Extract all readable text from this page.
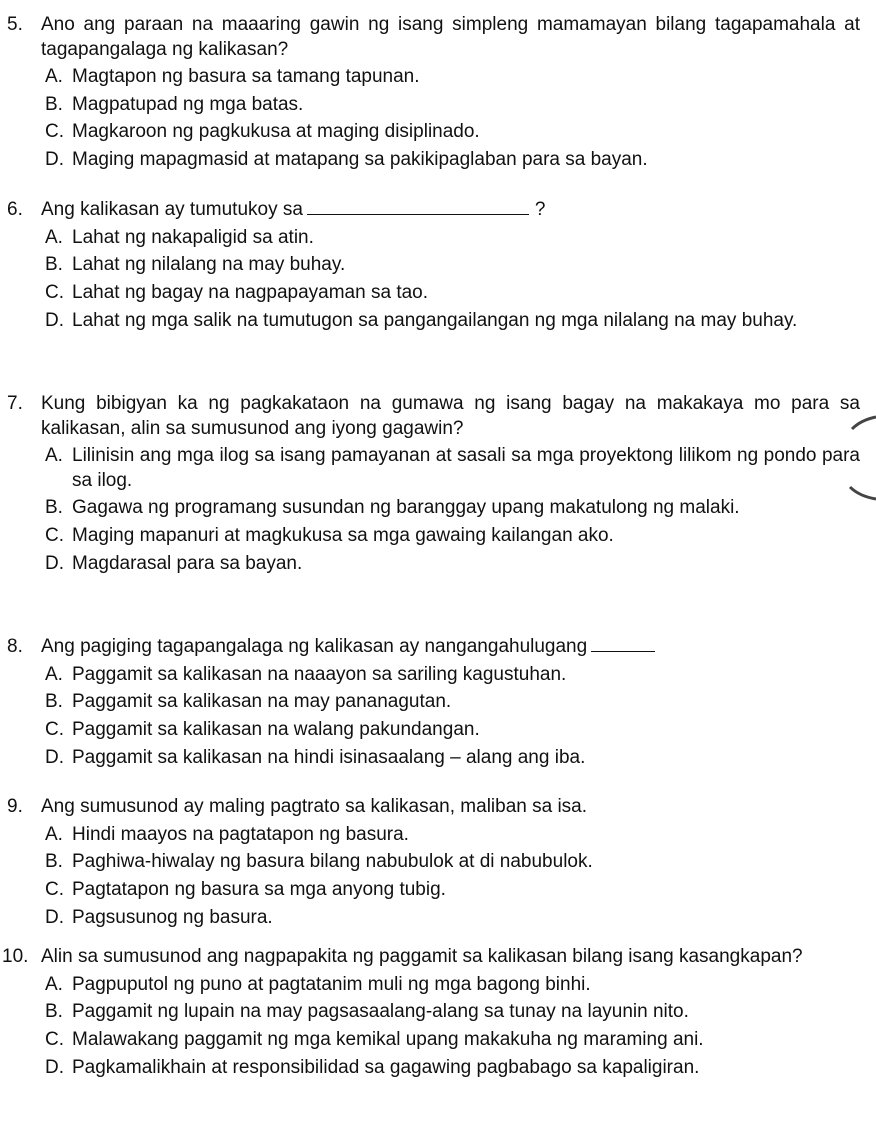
5. Ano ang paraan na maaaring gawin ng isang simpleng mamamayan bilang tagapamahala at tagapangalaga ng kalikasan?
A. Magtapon ng basura sa tamang tapunan.
B. Magpatupad ng mga batas.
C. Magkaroon ng pagkukusa at maging disiplinado.
D. Maging mapagmasid at matapang sa pakikipaglaban para sa bayan.
6. Ang kalikasan ay tumutukoy sa	?
A. Lahat ng nakapaligid sa atin.
B. Lahat ng nilalang na may buhay.
C. Lahat ng bagay na nagpapayaman sa tao.
D. Lahat ng mga salik na tumutugon sa pangangailangan ng mga nilalang na may buhay.
7. Kung bibigyan ka ng pagkakataon na gumawa ng isang bagay na makakaya mo para sa kalikasan, alin sa sumusunod ang iyong gagawin?
A. Lilinisin ang mga ilog sa isang pamayanan at sasali sa mga proyektong lilikom ng pondo para sa ilog.
B. Gagawa ng programang susundan ng baranggay upang makatulong ng malaki.
C. Maging mapanuri at magkukusa sa mga gawaing kailangan ako.
D. Magdarasal para sa bayan.
8. Ang pagiging tagapangalaga ng kalikasan ay nangangahulugang
A. Paggamit sa kalikasan na naaayon sa sariling kagustuhan.
B. Paggamit sa kalikasan na may pananagutan.
C. Paggamit sa kalikasan na walang pakundangan.
D. Paggamit sa kalikasan na hindi isinasaalang – alang ang iba.
9. Ang sumusunod ay maling pagtrato sa kalikasan, maliban sa isa.
A. Hindi maayos na pagtatapon ng basura.
B. Paghiwa-hiwalay ng basura bilang nabubulok at di nabubulok.
C. Pagtatapon ng basura sa mga anyong tubig.
D. Pagsusunog ng basura.
10. Alin sa sumusunod ang nagpapakita ng paggamit sa kalikasan bilang isang kasangkapan?
A. Pagpuputol ng puno at pagtatanim muli ng mga bagong binhi.
B. Paggamit ng lupain na may pagsasaalang-alang sa tunay na layunin nito.
C. Malawakang paggamit ng mga kemikal upang makakuha ng maraming ani.
D. Pagkamalikhain at responsibilidad sa gagawing pagbabago sa kapaligiran.
